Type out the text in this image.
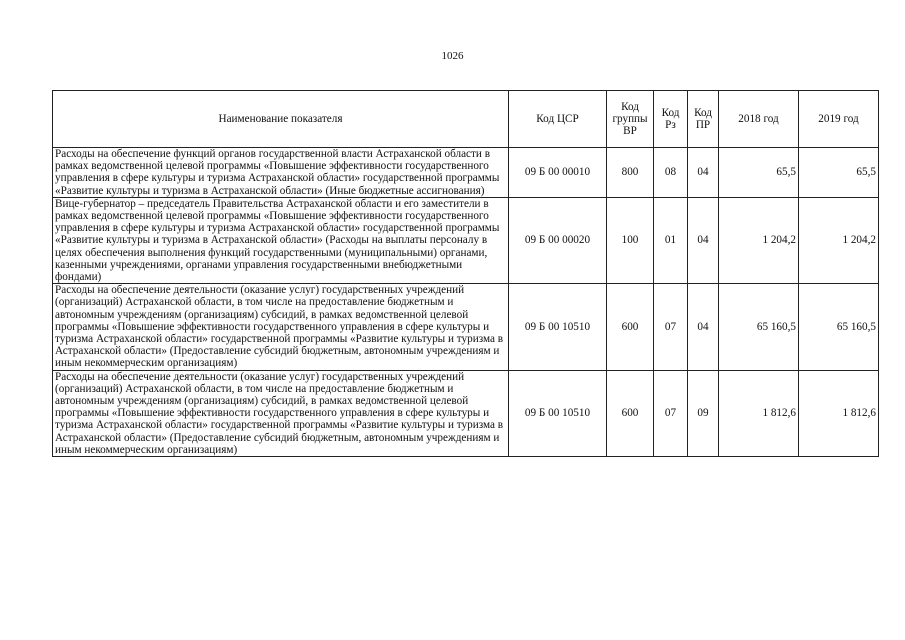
1026
Наименование показателя	Код ЦСР	Код группы ВР	Код Рз	Код ПР	2018 год	2019 год
Расходы на обеспечение функций органов государственной власти Астраханской области в рамках ведомственной целевой программы «Повышение эффективности государственного управления в сфере культуры и туризма Астраханской области» государственной программы «Развитие культуры и туризма в Астраханской области» (Иные бюджетные ассигнования)	09 Б 00 00010	800	08	04	65,5	65,5
Вице-губернатор – председатель Правительства Астраханской области и его заместители в рамках ведомственной целевой программы «Повышение эффективности государственного управления в сфере культуры и туризма Астраханской области» государственной программы «Развитие культуры и туризма в Астраханской области» (Расходы на выплаты персоналу в целях обеспечения выполнения функций государственными (муниципальными) органами, казенными учреждениями, органами управления государственными внебюджетными фондами)	09 Б 00 00020	100	01	04	1 204,2	1 204,2
Расходы на обеспечение деятельности (оказание услуг) государственных учреждений (организаций) Астраханской области, в том числе на предоставление бюджетным и автономным учреждениям (организациям) субсидий, в рамках ведомственной целевой программы «Повышение эффективности государственного управления в сфере культуры и туризма Астраханской области» государственной программы «Развитие культуры и туризма в Астраханской области» (Предоставление субсидий бюджетным, автономным учреждениям и иным некоммерческим организациям)	09 Б 00 10510	600	07	04	65 160,5	65 160,5
Расходы на обеспечение деятельности (оказание услуг) государственных учреждений (организаций) Астраханской области, в том числе на предоставление бюджетным и автономным учреждениям (организациям) субсидий, в рамках ведомственной целевой программы «Повышение эффективности государственного управления в сфере культуры и туризма Астраханской области» государственной программы «Развитие культуры и туризма в Астраханской области» (Предоставление субсидий бюджетным, автономным учреждениям и иным некоммерческим организациям)	09 Б 00 10510	600	07	09	1 812,6	1 812,6
